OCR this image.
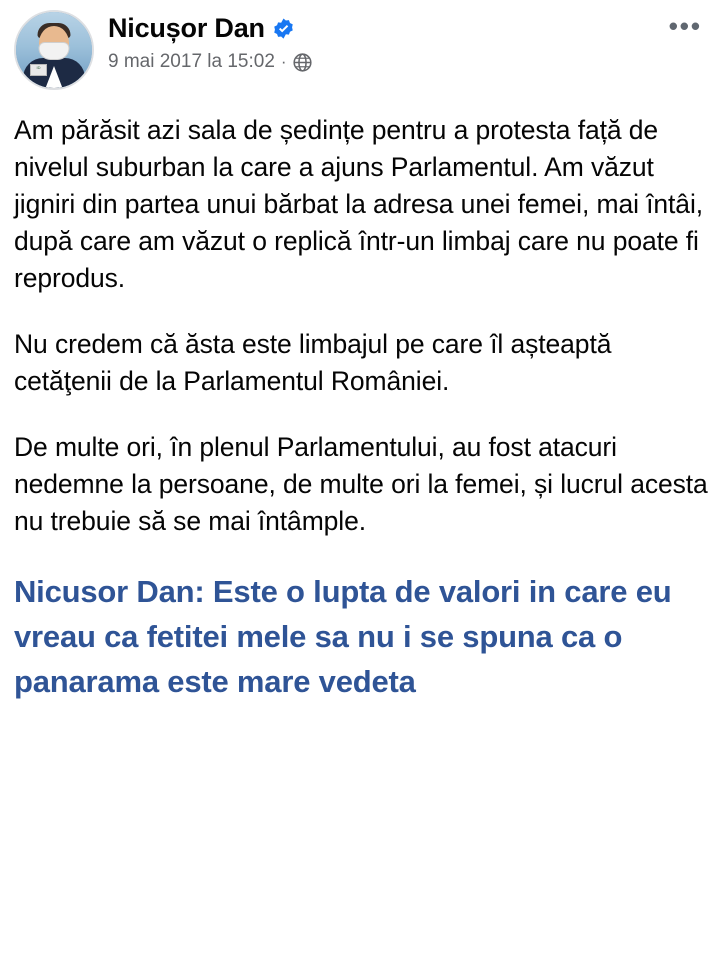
ID
Nicușor Dan
9 mai 2017 la 15:02 ·
•••

Am părăsit azi sala de ședințe pentru a protesta față de nivelul suburban la care a ajuns Parlamentul. Am văzut jigniri din partea unui bărbat la adresa unei femei, mai întâi, după care am văzut o replică într-un limbaj care nu poate fi reprodus.

Nu credem că ăsta este limbajul pe care îl așteaptă cetăţenii de la Parlamentul României.

De multe ori, în plenul Parlamentului, au fost atacuri nedemne la persoane, de multe ori la femei, și lucrul acesta nu trebuie să se mai întâmple.

Nicusor Dan: Este o lupta de valori in care eu vreau ca fetitei mele sa nu i se spuna ca o panarama este mare vedeta
